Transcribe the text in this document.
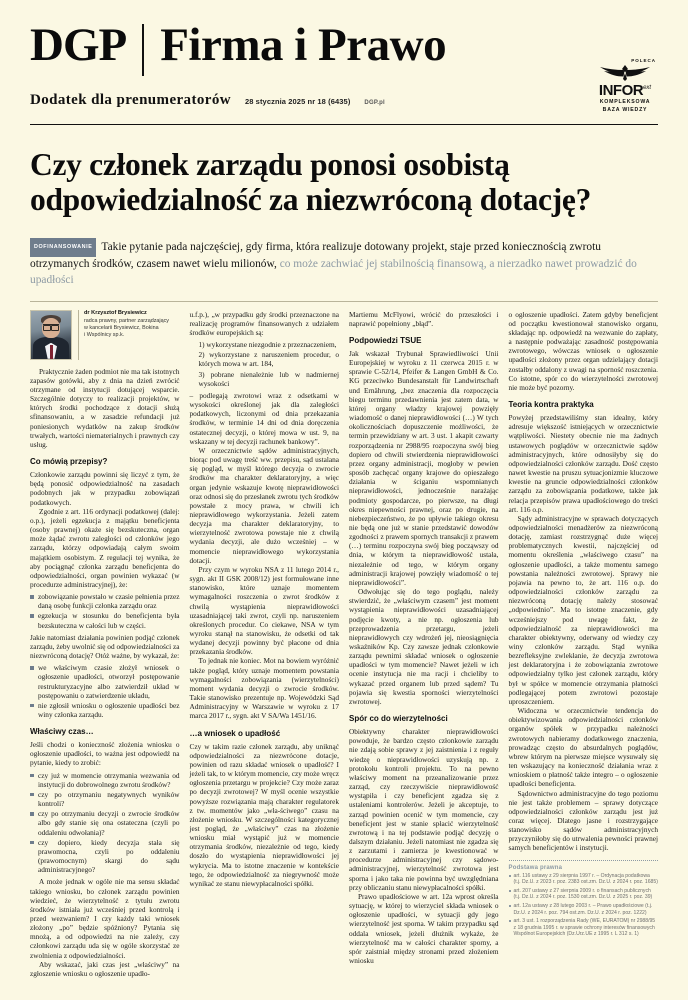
DGP Firma i Prawo
Dodatek dla prenumeratorów 28 stycznia 2025 nr 18 (6435) DGP.pl
POLECA
$INFOR^{ext}$
KOMPLEKSOWA
BAZA WIEDZY
Czy członek zarządu ponosi osobistą odpowiedzialność za niezwróconą dotację?
DOFINANSOWANIE Takie pytanie pada najczęściej, gdy firma, która realizuje dotowany projekt, staje przed koniecznością zwrotu otrzymanych środków, czasem nawet wielu milionów, co może zachwiać jej stabilnością finansową, a nierzadko nawet prowadzić do upadłości
dr Krzysztof Brysiewicz
radca prawny, partner zarządzający
w kancelarii Brysiewicz, Bokina
i Wspólnicy sp.k.

Praktycznie żaden podmiot nie ma tak istotnych zapasów gotówki, aby z dnia na dzień zwrócić otrzymane od instytucji dotującej wsparcie. Szczególnie dotyczy to realizacji projektów, w których środki pochodzące z dotacji służą sfinansowaniu, a w zasadzie refundacji już poniesionych wydatków na zakup środków trwałych, wartości niematerialnych i prawnych czy usług.

Co mówią przepisy?

Członkowie zarządu powinni się liczyć z tym, że będą ponosić odpowiedzialność na zasadach podobnych jak w przypadku zobowiązań podatkowych.

Zgodnie z art. 116 ordynacji podatkowej (dalej: o.p.), jeżeli egzekucja z majątku beneficjenta (osoby prawnej) okaże się bezskuteczna, organ może żądać zwrotu zaległości od członków jego zarządu, którzy odpowiadają całym swoim majątkiem osobistym. Z regulacji tej wynika, że aby pociągnąć członka zarządu beneficjenta do odpowiedzialności, organ powinien wykazać (w procedurze administracyjnej), że:

zobowiązanie powstało w czasie pełnienia przez daną osobę funkcji członka zarządu oraz
egzekucja w stosunku do beneficjenta była bezskuteczna w całości lub w części.

Jakie natomiast działania powinien podjąć członek zarządu, żeby uwolnić się od odpowiedzialności za niezwróconą dotację? Otóż ważne, by wykazał, że:

we właściwym czasie złożył wniosek o ogłoszenie upadłości, otworzył postępowanie restrukturyzacyjne albo zatwierdził układ w postępowaniu o zatwierdzenie układu,
nie zgłosił wniosku o ogłoszenie upadłości bez winy członka zarządu.
Właściwy czas…

Jeśli chodzi o konieczność złożenia wniosku o ogłoszenie upadłości, to ważna jest odpowiedź na pytanie, kiedy to zrobić:

czy już w momencie otrzymania wezwania od instytucji do dobrowolnego zwrotu środków?
czy po otrzymaniu negatywnych wyników kontroli?
czy po otrzymaniu decyzji o zwrocie środków albo gdy stanie się ona ostateczna (czyli po oddaleniu odwołania)?
czy dopiero, kiedy decyzja stała się prawomocna, czyli po oddaleniu (prawomocnym) skargi do sądu administracyjnego?

A może jednak w ogóle nie ma sensu składać takiego wniosku, bo członek zarządu powinien wiedzieć, że wierzytelność z tytułu zwrotu środków istniała już wcześniej przed kontrolą i przed wezwaniem? I czy każdy taki wniosek złożony „po” będzie spóźniony? Pytania się mnożą, a od odpowiedzi na nie zależy, czy członkowi zarządu uda się w ogóle skorzystać ze zwolnienia z odpowiedzialności.

Aby wskazać, jaki czas jest „właściwy” na zgłoszenie wniosku o ogłoszenie upadło-

u.f.p.), „w przypadku gdy środki przeznaczone na realizację programów finansowanych z udziałem środków europejskich są:

1) wykorzystane niezgodnie z przeznaczeniem,
2) wykorzystane z naruszeniem procedur, o których mowa w art. 184,
3) pobrane nienależnie lub w nadmiernej wysokości

– podlegają zwrotowi wraz z odsetkami w wysokości określonej jak dla zaległości podatkowych, liczonymi od dnia przekazania środków, w terminie 14 dni od dnia doręczenia ostatecznej decyzji, o której mowa w ust. 9, na wskazany w tej decyzji rachunek bankowy”.

W orzecznictwie sądów administracyjnych, biorąc pod uwagę treść ww. przepisu, sąd ustalana się pogląd, w myśl którego decyzja o zwrocie środków ma charakter deklaratoryjny, a więc organ jedynie wskazuje kwotę nieprawidłowości oraz odnosi się do przesłanek zwrotu tych środków powstałe z mocy prawa, w chwili ich nieprawidłowego wykorzystania. Jeżeli zatem decyzja ma charakter deklaratoryjny, to wierzytelność zwrotowa powstaje nie z chwilą wydania decyzji, ale dużo wcześniej – w momencie nieprawidłowego wykorzystania dotacji.

Przy czym w wyroku NSA z 11 lutego 2014 r., sygn. akt II GSK 2008/12) jest formułowane inne stanowisko, które uznaje momentem wymagalności roszczenia o zwrot środków z chwilą wystąpienia nieprawidłowości uzasadniającej taki zwrot, czyli np. naruszeniem określonych procedur. Co ciekawe, NSA w tym wyroku stanął na stanowisku, że odsetki od tak wydanej decyzji powinny być płacone od dnia przekazania środków.

To jednak nie koniec. Mot na bowiem wyróżnić także pogląd, który uznaje momentem powstania wymagalności zobowiązania (wierzytelności) moment wydania decyzji o zwrocie środków. Takie stanowisko prezentuje np. Wojewódzki Sąd Administracyjny w Warszawie w wyroku z 17 marca 2017 r., sygn. akt V SA/Wa 1451/16.

…a wniosek o upadłość

Czy w takim razie członek zarządu, aby uniknąć odpowiedzialności za niezwrócone dotacje, powinien od razu składać wniosek o upadłość? I jeżeli tak, to w którym momencie, czy może wręcz ogłoszenia przetargu w projekcie? Czy może zaraz po decyzji zwrotowej? W myśl ocenie wszystkie powyższe rozwiązania mają charakter regulatorek z tw. momentów jako „wła-ściwego” czasu na złożenie wniosku. W szczególności kategorycznej jest pogląd, że „właściwy” czas na złożenie wniosku miał wystąpić już w momencie otrzymania środków, niezależnie od tego, kiedy doszło do wystąpienia nieprawidłowości jej wykrycia. Ma to istotne znaczenie w kontekście tego, że odpowiedzialność za niegrywność może wynikać ze stanu niewypłacalności spółki.

Martiemu McFlyowi, wrócić do przeszłości i naprawić popełniony „błąd”.

Podpowiedzi TSUE

Jak wskazał Trybunał Sprawiedliwości Unii Europejskiej w wyroku z 11 czerwca 2015 r. w sprawie C-52/14, Pfeifer & Langen GmbH & Co. KG przeciwko Bundesanstalt für Landwirtschaft und Ernährung, „bez znaczenia dla rozpoczęcia biegu terminu przedawnienia jest zatem data, w której organy władzy krajowej powzięły wiadomość o danej nieprawidłowości (…) W tych okolicznościach dopuszczenie możliwości, że termin przewidziany w art. 3 ust. 1 akapit czwarty rozporządzenia nr 2988/95 rozpoczyna swój bieg dopiero od chwili stwierdzenia nieprawidłowości przez organy administracji, mogłoby w pewien sposób zachęcać organy krajowe do opieszałego działania w ściganiu wspomnianych nieprawidłowości, jednocześnie narażając podmioty gospodarcze, po pierwsze, na długi okres niepewności prawnej, oraz po drugie, na niebezpieczeństwo, że po upływie takiego okresu nie będą one już w stanie przedstawić dowodów zgodności z prawem spornych transakcji z prawem (…) terminu rozpoczyna swój bieg począwszy od dnia, w którym ta nieprawidłowość ustała, niezależnie od tego, w którym organy administracji krajowej powzięły wiadomość o tej nieprawidłowości”.

Odwołując się do tego poglądu, należy stwierdzić, że „właściwym czasem” jest moment wystąpienia nieprawidłowości uzasadniającej podjęcie kwoty, a nie np. ogłoszenia lub przeprowadzenia przetargu, jeżeli nieprawidłowych czy wdrożeń jej, nieosiągnięcia wskaźników Kp. Czy zawsze jednak członkowie zarządu pewnimi składać wniosek o ogłoszenie upadłości w tym momencie? Nawet jeżeli w ich ocenie instytucja nie ma racji i chcieliby to wykazać przed organem lub przed sądem? Tu pojawia się kwestia sporności wierzytelności zwrotowej.

Spór co do wierzytelności

Obiektywny charakter nieprawidłowości powoduje, że bardzo często członkowie zarządu nie zdają sobie sprawy z jej zaistnienia i z reguły wiedzę o nieprawidłowości uzyskują np. z protokołu kontroli projektu. To na pewno właściwy moment na przeanalizowanie przez zarząd, czy rzeczywiście nieprawidłowość wystąpiła i czy beneficjent zgadza się z ustaleniami kontrolerów. Jeżeli je akceptuje, to zarząd powinien ocenić w tym momencie, czy beneficjent jest w stanie spłacić wierzytelność zwrotową i na tej podstawie podjąć decyzję o dalszym działaniu. Jeżeli natomiast nie zgadza się z zarzutami i zamierza je kwestionować w procedurze administracyjnej czy sądowo-administracyjnej, wierzytelność zwrotowa jest sporna i jako taka nie powinna być uwzględniana przy obliczaniu stanu niewypłacalności spółki.

Prawo upadłościowe w art. 12a wprost określa sytuację, w której to wierzyciel składa wniosek o ogłoszenie upadłości, w sytuacji gdy jego wierzytelność jest sporna. W takim przypadku sąd oddala wniosek, jeżeli dłużnik wykaże, że wierzytelność ma w całości charakter sporny, a spór zaistniał między stronami przed złożeniem wniosku

o ogłoszenie upadłości. Zatem gdyby beneficjent od początku kwestionował stanowisko organu, składając np. odpowiedź na wezwanie do zapłaty, a następnie podważając zasadność postępowania zwrotowego, wówczas wniosek o ogłoszenie upadłości złożony przez organ udzielający dotacji zostałby oddalony z uwagi na sporność roszczenia. Co istotne, spór co do wierzytelności zwrotowej nie może być pozorny.

Teoria kontra praktyka

Powyżej przedstawiliśmy stan idealny, który adresuje większość istniejących w orzecznictwie wątpliwości. Niestety obecnie nie ma żadnych ustawowych poglądów w orzecznictwie sądów administracyjnych, które odnosiłyby się do odpowiedzialności członków zarządu. Dość często nawet kwestie na pruszu sytuacjonizmie kluczowe kwestie na gruncie odpowiedzialności członków zarządu za zobowiązania podatkowe, także jak relacja przepisów prawa upadłościowego do treści art. 116 o.p.

Sądy administracyjne w sprawach dotyczących odpowiedzialności menadżerów za niezwróconą dotację, zamiast rozstrzygnąć duże więcej problematycznych kwestii, najczęściej od momentu określenia „właściwego czasu” na ogłoszenie upadłości, a także momentu samego powstania należności zwrotowej. Sprawy nie pojawia na pewno to, że art. 116 o.p. do odpowiedzialności członków zarządu za niezwróconą dotację należy stosować „odpowiednio”. Ma to istotne znaczenie, gdy wcześniejszy pod uwagę fakt, że odpowiedzialność za nieprawidłowości ma charakter obiektywny, oderwany od wiedzy czy winy członków zarządu. Stąd wynika bezrefleksyjne zwlekłanie, że decyzja zwrotowa jest deklaratoryjna i że zobowiązania zwrotowe odpowiedzialny tylko jest członek zarządu, który był w spółce w momencie otrzymania płatności podlegającej potem zwrotowi pozostaje uproszczeniem.

Widoczna w orzecznictwie tendencja do obiektywizowania odpowiedzialności członków organów spółek w przypadku należności zwrotowych nabieramy dodatkowego znaczenia, prowadząc często do absurdalnych poglądów, wbrew którym na pierwsze miejsce wysuwały się ten wskazujący na konieczność działania wraz z wnioskiem o płatność także integro – o ogłoszenie upadłości beneficjenta.

Sądownictwo administracyjne do tego poziomu nie jest także problemem – sprawy dotyczące odpowiedzialności członków zarządu jest już coraz więcej. Dlatego jasne i rozstrzygające stanowisko sądów administracyjnych przyczyniłoby się do utrwalenia pewności prawnej samych beneficjentów i instytucji.

Podstawa prawna
art. 116 ustawy z 29 sierpnia 1997 r. – Ordynacja podatkowa (t.j. Dz.U. z 2023 r. poz. 2383 ost.zm. Dz.U. z 2024 r. poz. 1685)
art. 207 ustawy z 27 sierpnia 2009 r. o finansach publicznych (t.j. Dz.U. z 2024 r. poz. 1530 ost.zm. Dz.U. z 2025 r. poz. 39)
art. 12a ustawy z 28 lutego 2003 r. – Prawo upadłościowe (t.j. Dz.U. z 2024 r. poz. 794 ost.zm. Dz.U. z 2024 r. poz. 1222)
art. 3 ust. 1 rozporządzenia Rady (WE, EURATOM) nr 2988/95 z 18 grudnia 1995 r. w sprawie ochrony interesów finansowych Wspólnot Europejskich (Dz.Urz.UE z 1995 r. L 312 s. 1)
